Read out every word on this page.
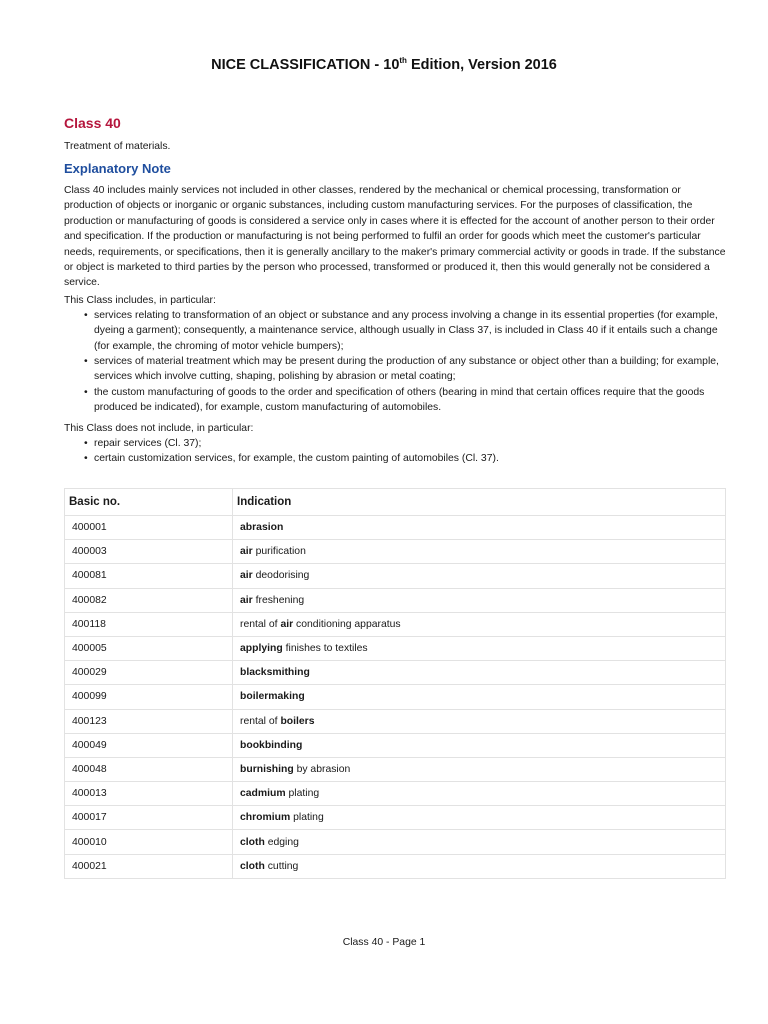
NICE CLASSIFICATION - 10th Edition, Version 2016
Class 40
Treatment of materials.
Explanatory Note

Class 40 includes mainly services not included in other classes, rendered by the mechanical or chemical processing, transformation or production of objects or inorganic or organic substances, including custom manufacturing services. For the purposes of classification, the production or manufacturing of goods is considered a service only in cases where it is effected for the account of another person to their order and specification. If the production or manufacturing is not being performed to fulfil an order for goods which meet the customer's particular needs, requirements, or specifications, then it is generally ancillary to the maker's primary commercial activity or goods in trade. If the substance or object is marketed to third parties by the person who processed, transformed or produced it, then this would generally not be considered a service.

This Class includes, in particular:

• services relating to transformation of an object or substance and any process involving a change in its essential properties (for example, dyeing a garment); consequently, a maintenance service, although usually in Class 37, is included in Class 40 if it entails such a change (for example, the chroming of motor vehicle bumpers);
• services of material treatment which may be present during the production of any substance or object other than a building; for example, services which involve cutting, shaping, polishing by abrasion or metal coating;
• the custom manufacturing of goods to the order and specification of others (bearing in mind that certain offices require that the goods produced be indicated), for example, custom manufacturing of automobiles.

This Class does not include, in particular:

• repair services (Cl. 37);
• certain customization services, for example, the custom painting of automobiles (Cl. 37).
Basic no.	Indication
400001	abrasion
400003	air purification
400081	air deodorising
400082	air freshening
400118	rental of air conditioning apparatus
400005	applying finishes to textiles
400029	blacksmithing
400099	boilermaking
400123	rental of boilers
400049	bookbinding
400048	burnishing by abrasion
400013	cadmium plating
400017	chromium plating
400010	cloth edging
400021	cloth cutting
Class 40 - Page 1
